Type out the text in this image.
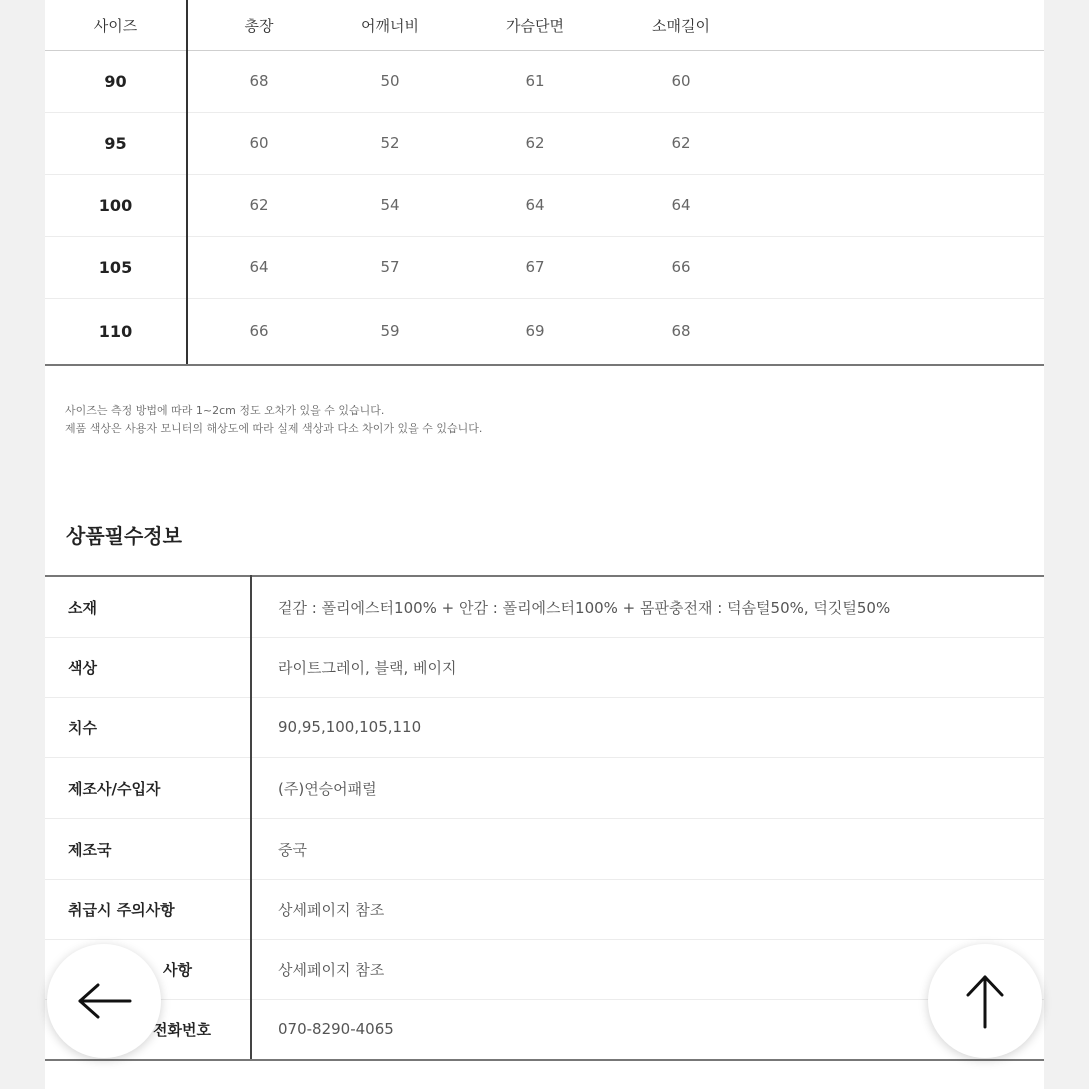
사이즈	총장	어깨너비	가슴단면	소매길이
90	68	50	61	60
95	60	52	62	62
100	62	54	64	64
105	64	57	67	66
110	66	59	69	68
사이즈는 측정 방법에 따라 1~2cm 정도 오차가 있을 수 있습니다.
제품 색상은 사용자 모니터의 해상도에 따라 실제 색상과 다소 차이가 있을 수 있습니다.
상품필수정보
소재	겉감 : 폴리에스터100% + 안감 : 폴리에스터100% + 몸판충전재 : 덕솜털50%, 덕깃털50%
색상	라이트그레이, 블랙, 베이지
치수	90,95,100,105,110
제조사/수입자	(주)연승어패럴
제조국	중국
취급시 주의사항	상세페이지 참조
사항	상세페이지 참조
전화번호	070-8290-4065
